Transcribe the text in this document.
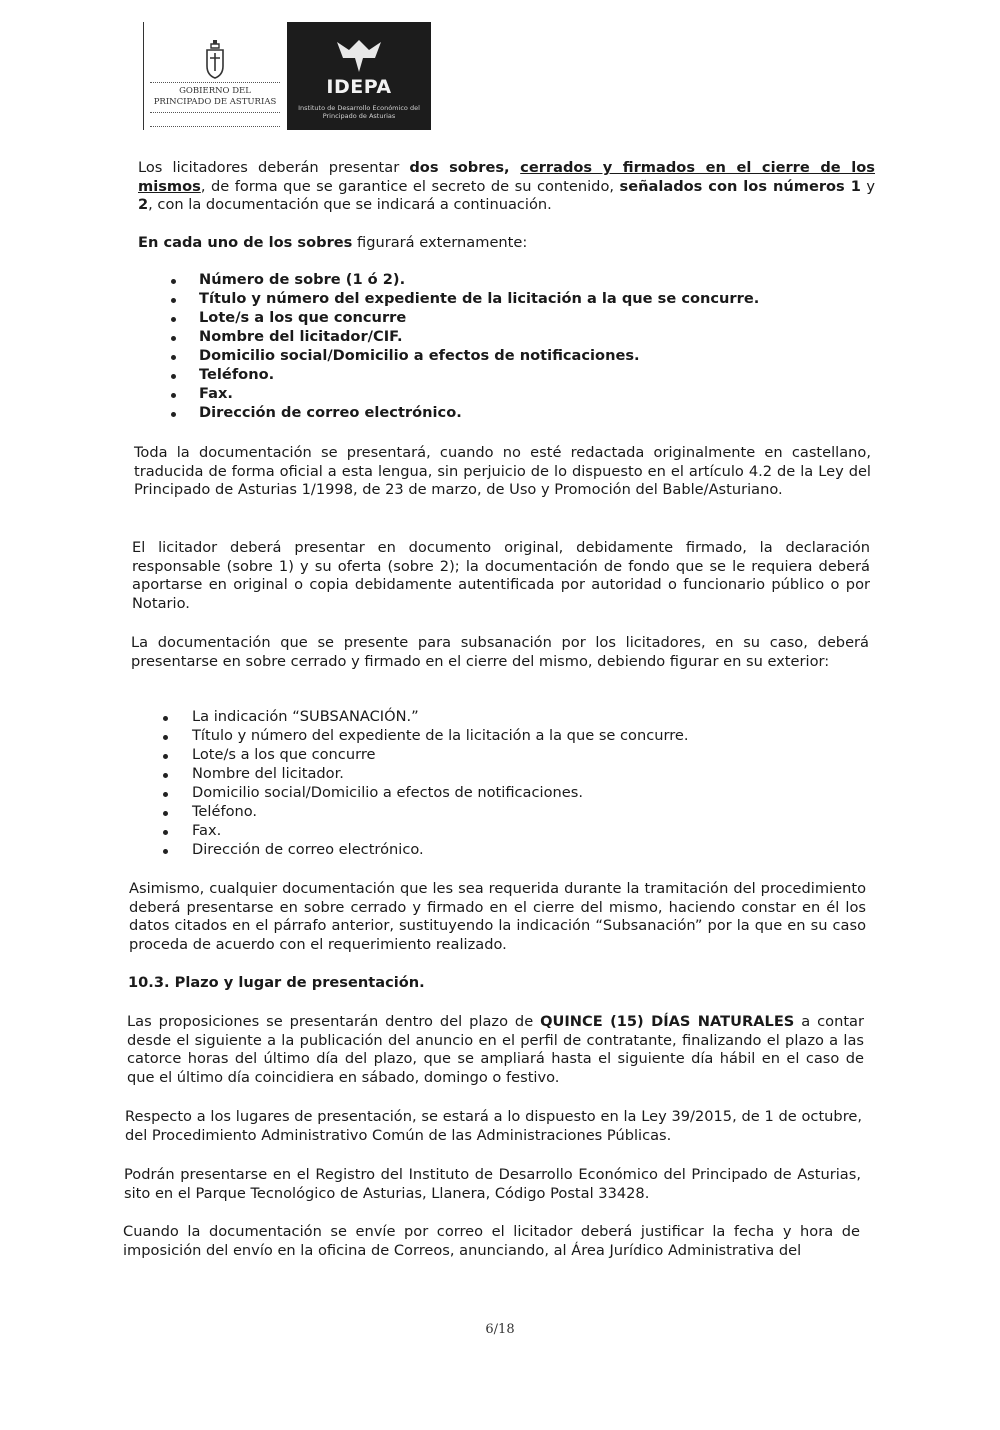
GOBIERNO DEL
PRINCIPADO DE ASTURIAS
IDEPA
Instituto de Desarrollo Económico del Principado de Asturias

Los licitadores deberán presentar dos sobres, cerrados y firmados en el cierre de los mismos, de forma que se garantice el secreto de su contenido, señalados con los números 1 y 2, con la documentación que se indicará a continuación.

En cada uno de los sobres figurará externamente:

Número de sobre (1 ó 2).

Título y número del expediente de la licitación a la que se concurre.

Lote/s a los que concurre

Nombre del licitador/CIF.

Domicilio social/Domicilio a efectos de notificaciones.

Teléfono.

Fax.

Dirección de correo electrónico.

Toda la documentación se presentará, cuando no esté redactada originalmente en castellano, traducida de forma oficial a esta lengua, sin perjuicio de lo dispuesto en el artículo 4.2 de la Ley del Principado de Asturias 1/1998, de 23 de marzo, de Uso y Promoción del Bable/Asturiano.

El licitador deberá presentar en documento original, debidamente firmado, la declaración responsable (sobre 1) y su oferta (sobre 2); la documentación de fondo que se le requiera deberá aportarse en original o copia debidamente autentificada por autoridad o funcionario público o por Notario.

La documentación que se presente para subsanación por los licitadores, en su caso, deberá presentarse en sobre cerrado y firmado en el cierre del mismo, debiendo figurar en su exterior:

La indicación “SUBSANACIÓN.”

Título y número del expediente de la licitación a la que se concurre.

Lote/s a los que concurre

Nombre del licitador.

Domicilio social/Domicilio a efectos de notificaciones.

Teléfono.

Fax.

Dirección de correo electrónico.

Asimismo, cualquier documentación que les sea requerida durante la tramitación del procedimiento deberá presentarse en sobre cerrado y firmado en el cierre del mismo, haciendo constar en él los datos citados en el párrafo anterior, sustituyendo la indicación “Subsanación” por la que en su caso proceda de acuerdo con el requerimiento realizado.

10.3. Plazo y lugar de presentación.

Las proposiciones se presentarán dentro del plazo de QUINCE (15) DÍAS NATURALES a contar desde el siguiente a la publicación del anuncio en el perfil de contratante, finalizando el plazo a las catorce horas del último día del plazo, que se ampliará hasta el siguiente día hábil en el caso de que el último día coincidiera en sábado, domingo o festivo.

Respecto a los lugares de presentación, se estará a lo dispuesto en la Ley 39/2015, de 1 de octubre, del Procedimiento Administrativo Común de las Administraciones Públicas.

Podrán presentarse en el Registro del Instituto de Desarrollo Económico del Principado de Asturias, sito en el Parque Tecnológico de Asturias, Llanera, Código Postal 33428.

Cuando la documentación se envíe por correo el licitador deberá justificar la fecha y hora de imposición del envío en la oficina de Correos, anunciando, al Área Jurídico Administrativa del

6/18
